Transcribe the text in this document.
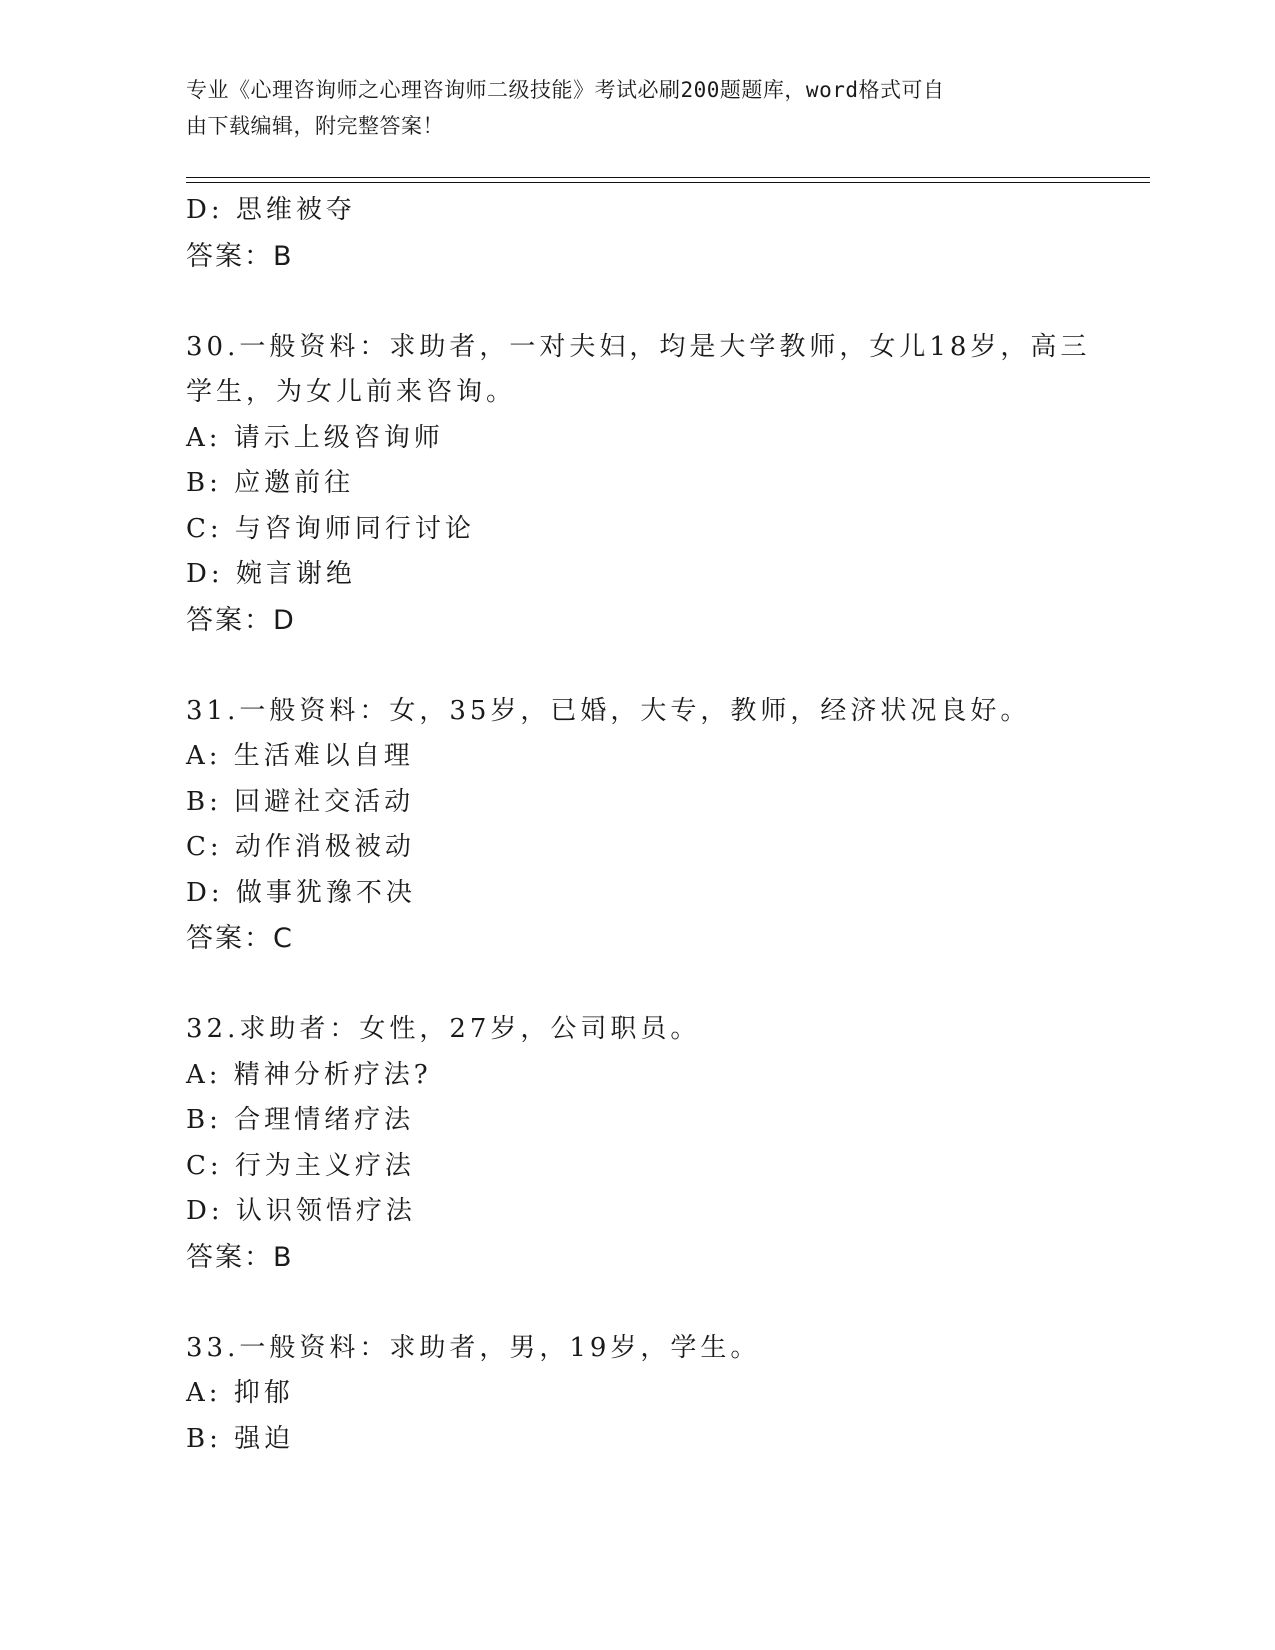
专业《心理咨询师之心理咨询师二级技能》考试必刷200题题库，word格式可自
由下载编辑，附完整答案！
D: 思维被夺
答案：B
30.一般资料：求助者，一对夫妇，均是大学教师，女儿18岁，高三
学生，为女儿前来咨询。
A: 请示上级咨询师
B: 应邀前往
C: 与咨询师同行讨论
D: 婉言谢绝
答案：D
31.一般资料：女，35岁，已婚，大专，教师，经济状况良好。
A: 生活难以自理
B: 回避社交活动
C: 动作消极被动
D: 做事犹豫不决
答案：C
32.求助者：女性，27岁，公司职员。
A: 精神分析疗法?
B: 合理情绪疗法
C: 行为主义疗法
D: 认识领悟疗法
答案：B
33.一般资料：求助者，男，19岁，学生。
A: 抑郁
B: 强迫
